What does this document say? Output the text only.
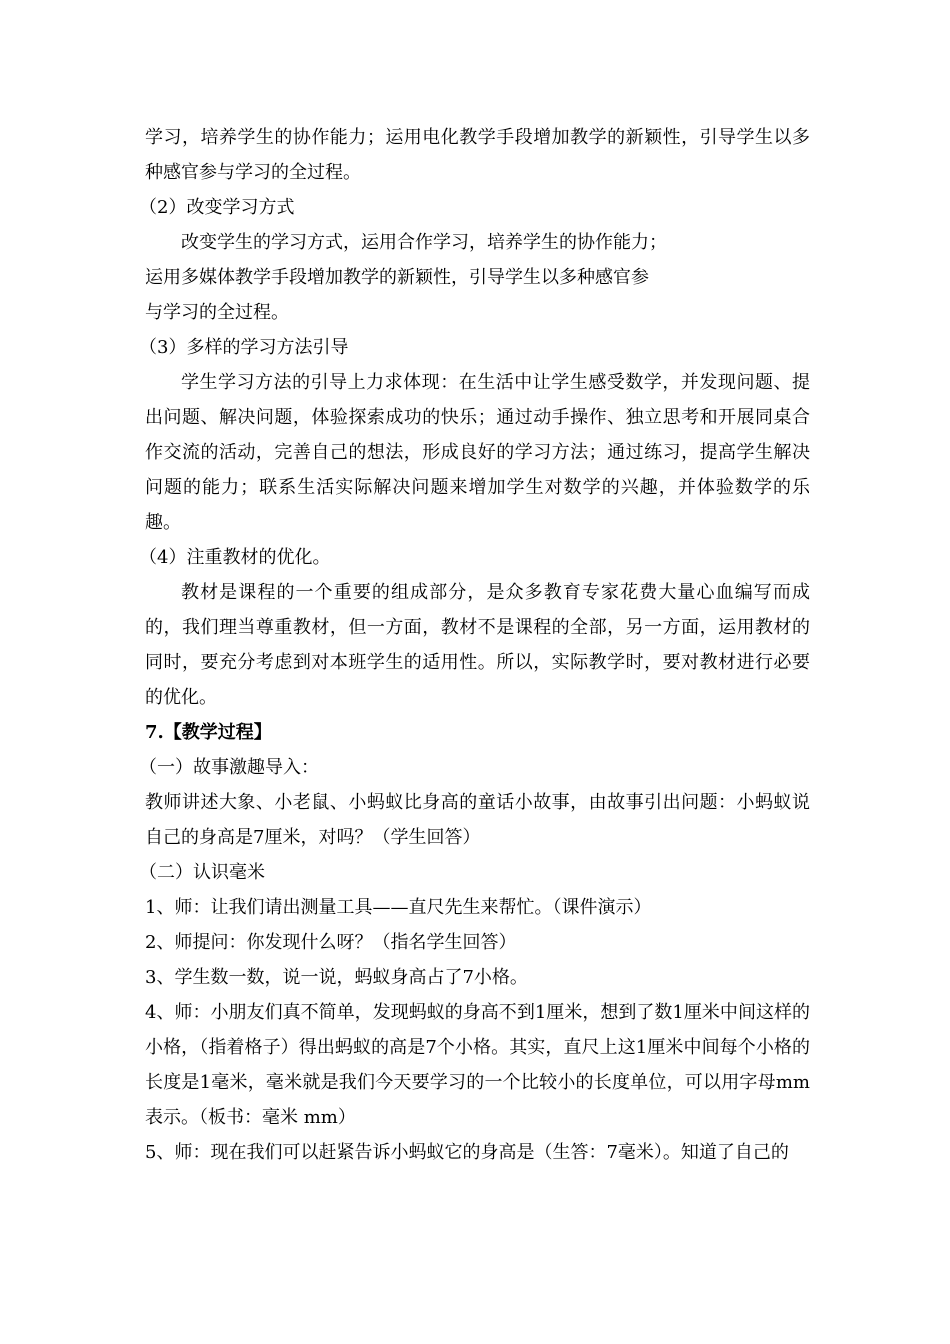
学习，培养学生的协作能力；运用电化教学手段增加教学的新颖性，引导学生以多种感官参与学习的全过程。

（2）改变学习方式

改变学生的学习方式，运用合作学习，培养学生的协作能力；

运用多媒体教学手段增加教学的新颖性，引导学生以多种感官参

与学习的全过程。

（3）多样的学习方法引导

学生学习方法的引导上力求体现：在生活中让学生感受数学，并发现问题、提出问题、解决问题，体验探索成功的快乐；通过动手操作、独立思考和开展同桌合作交流的活动，完善自己的想法，形成良好的学习方法；通过练习，提高学生解决问题的能力；联系生活实际解决问题来增加学生对数学的兴趣，并体验数学的乐趣。

（4）注重教材的优化。

教材是课程的一个重要的组成部分，是众多教育专家花费大量心血编写而成的，我们理当尊重教材，但一方面，教材不是课程的全部，另一方面，运用教材的同时，要充分考虑到对本班学生的适用性。所以，实际教学时，要对教材进行必要的优化。

7.【教学过程】

（一）故事激趣导入：

教师讲述大象、小老鼠、小蚂蚁比身高的童话小故事，由故事引出问题：小蚂蚁说自己的身高是7厘米，对吗？（学生回答）

（二）认识毫米

1、师：让我们请出测量工具——直尺先生来帮忙。（课件演示）

2、师提问：你发现什么呀？（指名学生回答）

3、学生数一数，说一说，蚂蚁身高占了7小格。

4、师：小朋友们真不简单，发现蚂蚁的身高不到1厘米，想到了数1厘米中间这样的小格，（指着格子）得出蚂蚁的高是7个小格。其实，直尺上这1厘米中间每个小格的长度是1毫米，毫米就是我们今天要学习的一个比较小的长度单位，可以用字母mm表示。（板书：毫米 mm）

5、师：现在我们可以赶紧告诉小蚂蚁它的身高是（生答：7毫米）。知道了自己的
